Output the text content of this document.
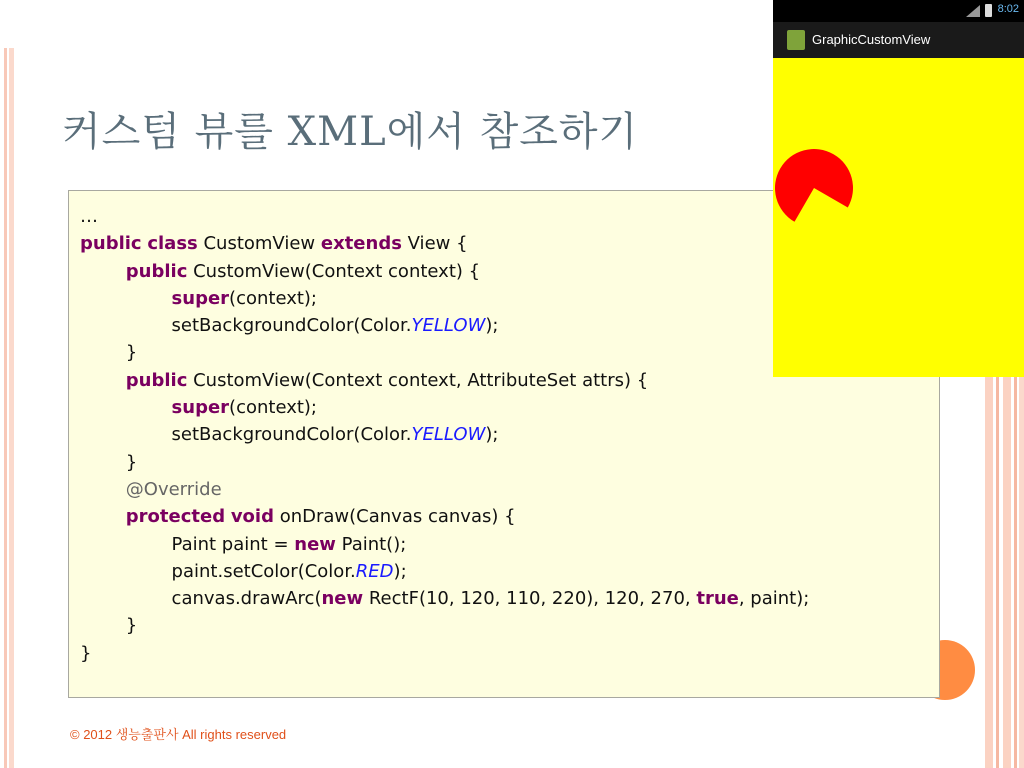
커스텀 뷰를 XML에서 참조하기
…
public class CustomView extends View {
public CustomView(Context context) {
super(context);
setBackgroundColor(Color.YELLOW);
}
public CustomView(Context context, AttributeSet attrs) {
super(context);
setBackgroundColor(Color.YELLOW);
}
@Override
protected void onDraw(Canvas canvas) {
Paint paint = new Paint();
paint.setColor(Color.RED);
canvas.drawArc(new RectF(10, 120, 110, 220), 120, 270, true, paint);
}
}
© 2012 생능출판사 All rights reserved
8:02
GraphicCustomView
